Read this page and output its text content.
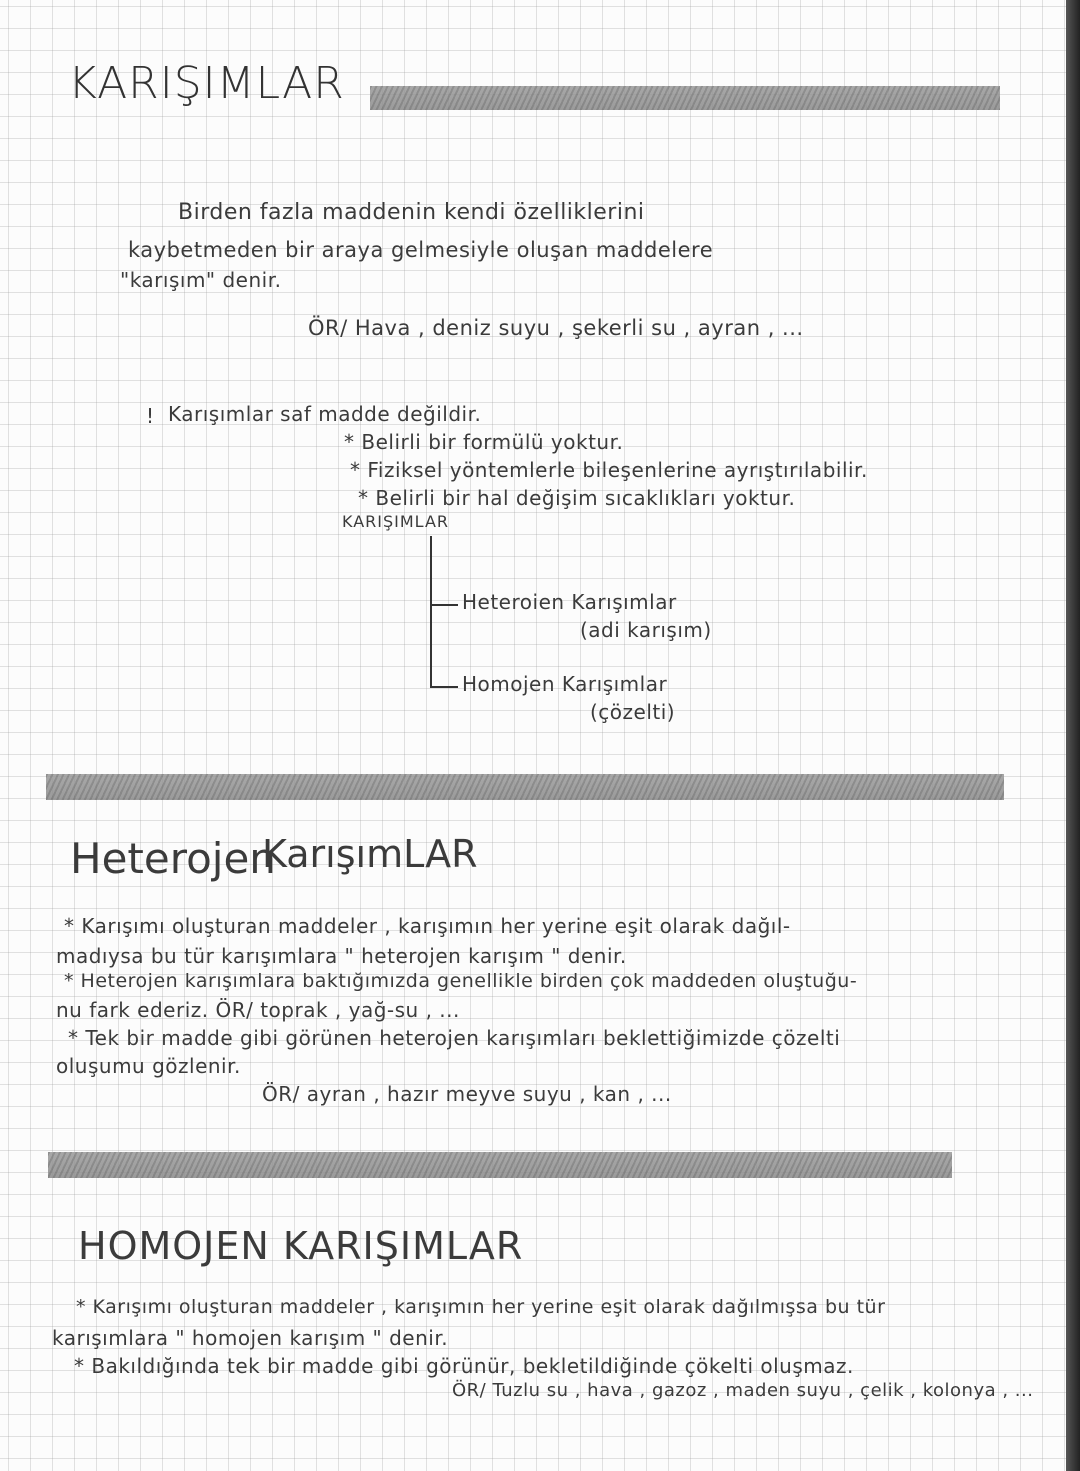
KARIŞIMLAR
Birden fazla maddenin kendi özelliklerini
kaybetmeden bir araya gelmesiyle oluşan maddelere
"karışım" denir.
ÖR/ Hava , deniz suyu , şekerli su , ayran , ...
! Karışımlar saf madde değildir.
* Belirli bir formülü yoktur.
* Fiziksel yöntemlerle bileşenlerine ayrıştırılabilir.
* Belirli bir hal değişim sıcaklıkları yoktur.
KARIŞIMLAR
Heteroien Karışımlar
(adi karışım)
Homojen Karışımlar
(çözelti)
Heterojen
KarışımLAR
* Karışımı oluşturan maddeler , karışımın her yerine eşit olarak dağıl-
madıysa bu tür karışımlara " heterojen karışım " denir.
* Heterojen karışımlara baktığımızda genellikle birden çok maddeden oluştuğu-
nu fark ederiz. ÖR/ toprak , yağ-su , ...
* Tek bir madde gibi görünen heterojen karışımları beklettiğimizde çözelti
oluşumu gözlenir.
ÖR/ ayran , hazır meyve suyu , kan , ...
HOMOJEN KARIŞIMLAR
* Karışımı oluşturan maddeler , karışımın her yerine eşit olarak dağılmışsa bu tür
karışımlara " homojen karışım " denir.
* Bakıldığında tek bir madde gibi görünür, bekletildiğinde çökelti oluşmaz.
ÖR/ Tuzlu su , hava , gazoz , maden suyu , çelik , kolonya , ...
